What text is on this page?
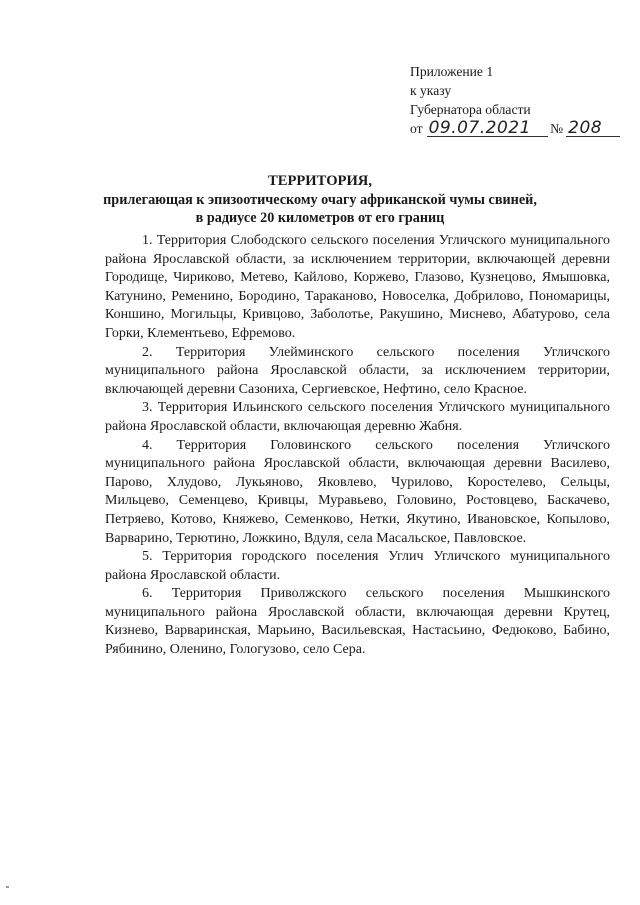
Приложение 1
к указу
Губернатора области
от 09.07.2021	№ 208
ТЕРРИТОРИЯ,
прилегающая к эпизоотическому очагу африканской чумы свиней,
в радиусе 20 километров от его границ

1. Территория Слободского сельского поселения Угличского муниципального района Ярославской области, за исключением территории, включающей деревни Городище, Чириково, Метево, Кайлово, Коржево, Глазово, Кузнецово, Ямышовка, Катунино, Ременино, Бородино, Тараканово, Новоселка, Добрилово, Пономарицы, Коншино, Могильцы, Кривцово, Заболотье, Ракушино, Миснево, Абатурово, села Горки, Клементьево, Ефремово.

2. Территория Улейминского сельского поселения Угличского муниципального района Ярославской области, за исключением территории, включающей деревни Сазониха, Сергиевское, Нефтино, село Красное.

3. Территория Ильинского сельского поселения Угличского муниципального района Ярославской области, включающая деревню Жабня.

4. Территория Головинского сельского поселения Угличского муниципального района Ярославской области, включающая деревни Василево, Парово, Хлудово, Лукьяново, Яковлево, Чурилово, Коростелево, Сельцы, Мильцево, Семенцево, Кривцы, Муравьево, Головино, Ростовцево, Баскачево, Петряево, Котово, Княжево, Семенково, Нетки, Якутино, Ивановское, Копылово, Варварино, Терютино, Ложкино, Вдуля, села Масальское, Павловское.

5. Территория городского поселения Углич Угличского муниципального района Ярославской области.

6. Территория Приволжского сельского поселения Мышкинского муниципального района Ярославской области, включающая деревни Крутец, Кизнево, Варваринская, Марьино, Васильевская, Настасьино, Федюково, Бабино, Рябинино, Оленино, Гологузово, село Сера.
